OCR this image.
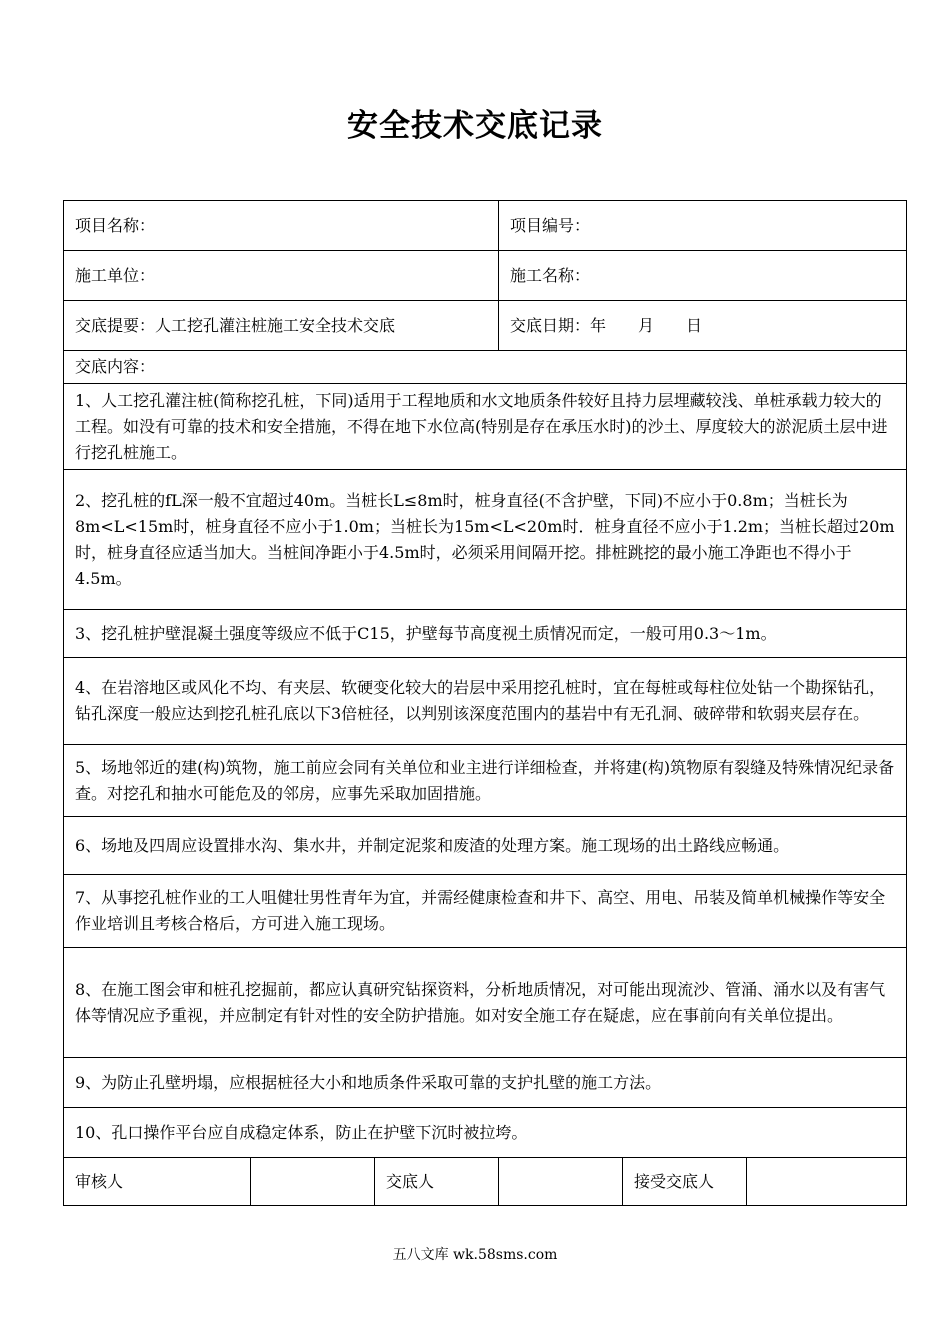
安全技术交底记录
项目名称：			项目编号：		
施工单位：			施工名称：		
交底提要：人工挖孔灌注桩施工安全技术交底			交底日期：年　　月　　日		
交底内容：					
1、人工挖孔灌注桩(简称挖孔桩，下同)适用于工程地质和水文地质条件较好且持力层埋藏较浅、单桩承载力较大的工程。如没有可靠的技术和安全措施，不得在地下水位高(特别是存在承压水时)的沙土、厚度较大的淤泥质土层中进行挖孔桩施工。					
2、挖孔桩的fL深一般不宜超过40m。当桩长L≤8m时，桩身直径(不含护壁，下同)不应小于0.8m；当桩长为8m<L<15m时，桩身直径不应小于1.0m；当桩长为15m<L<20m时．桩身直径不应小于1.2m；当桩长超过20m时，桩身直径应适当加大。当桩间净距小于4.5m时，必须采用间隔开挖。排桩跳挖的最小施工净距也不得小于4.5m。					
3、挖孔桩护壁混凝土强度等级应不低于C15，护壁每节高度视土质情况而定，一般可用0.3～1m。					
4、在岩溶地区或风化不均、有夹层、软硬变化较大的岩层中采用挖孔桩时，宜在每桩或每柱位处钻一个勘探钻孔，钻孔深度一般应达到挖孔桩孔底以下3倍桩径，以判别该深度范围内的基岩中有无孔洞、破碎带和软弱夹层存在。					
5、场地邻近的建(构)筑物，施工前应会同有关单位和业主进行详细检查，并将建(构)筑物原有裂缝及特殊情况纪录备查。对挖孔和抽水可能危及的邻房，应事先采取加固措施。					
6、场地及四周应设置排水沟、集水井，并制定泥浆和废渣的处理方案。施工现场的出土路线应畅通。					
7、从事挖孔桩作业的工人咀健壮男性青年为宜，并需经健康检查和井下、高空、用电、吊装及简单机械操作等安全作业培训且考核合格后，方可进入施工现场。					
8、在施工图会审和桩孔挖掘前，都应认真研究钻探资料，分析地质情况，对可能出现流沙、管涌、涌水以及有害气体等情况应予重视，并应制定有针对性的安全防护措施。如对安全施工存在疑虑，应在事前向有关单位提出。					
9、为防止孔壁坍塌，应根据桩径大小和地质条件采取可靠的支护扎壁的施工方法。					
10、孔口操作平台应自成稳定体系，防止在护壁下沉时被拉垮。					
审核人		交底人		接受交底人	
五八文库 wk.58sms.com
